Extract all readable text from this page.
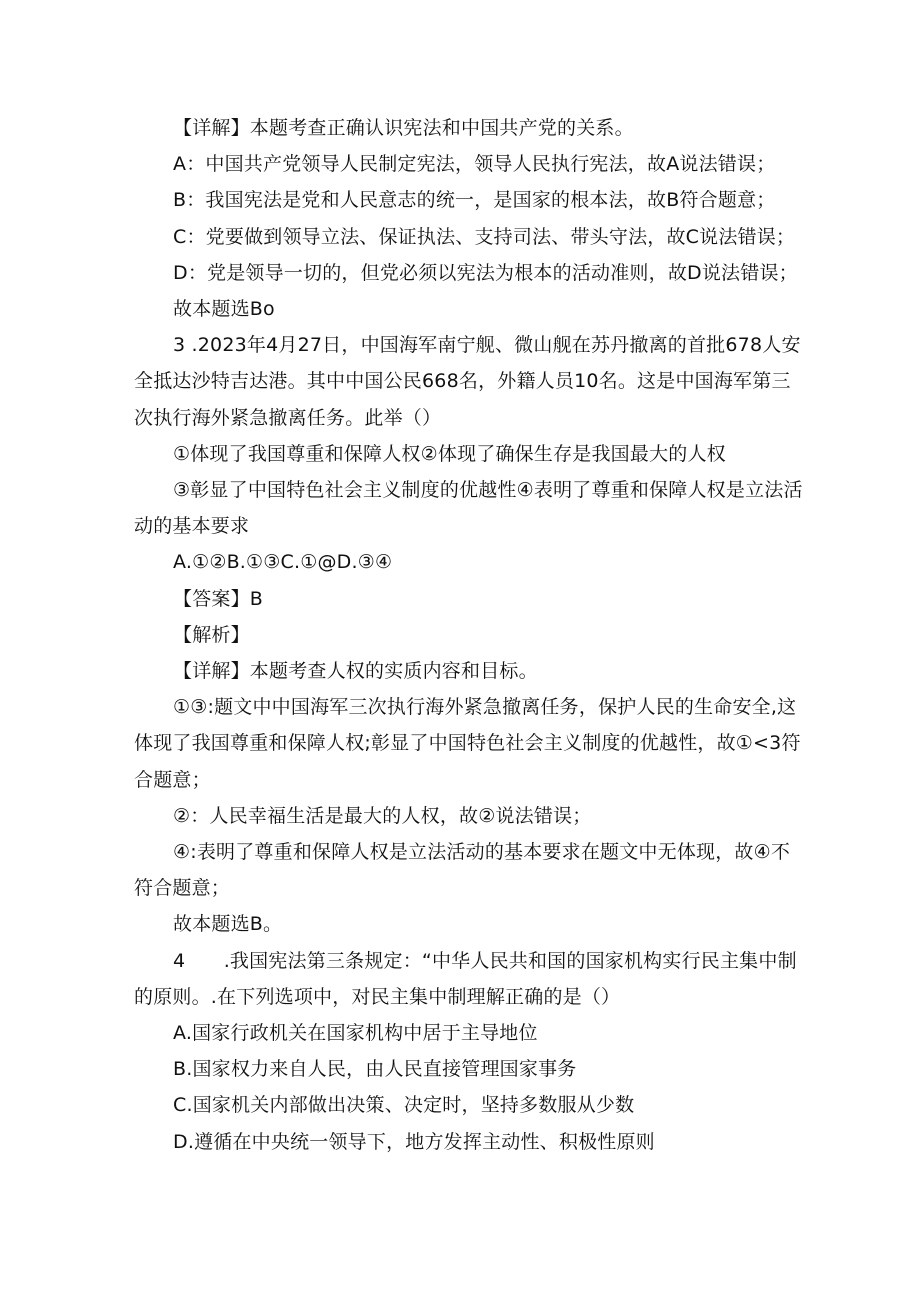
【详解】本题考查正确认识宪法和中国共产党的关系。

A：中国共产党领导人民制定宪法，领导人民执行宪法，故A说法错误；

B：我国宪法是党和人民意志的统一，是国家的根本法，故B符合题意；

C：党要做到领导立法、保证执法、支持司法、带头守法，故C说法错误；

D：党是领导一切的，但党必须以宪法为根本的活动准则，故D说法错误；

故本题选Bo

3 .2023年4月27日，中国海军南宁舰、微山舰在苏丹撤离的首批678人安全抵达沙特吉达港。其中中国公民668名，外籍人员10名。这是中国海军第三次执行海外紧急撤离任务。此举（）

①体现了我国尊重和保障人权②体现了确保生存是我国最大的人权

③彰显了中国特色社会主义制度的优越性④表明了尊重和保障人权是立法活动的基本要求

A.①②B.①③C.①@D.③④

【答案】B

【解析】

【详解】本题考查人权的实质内容和目标。

①③:题文中中国海军三次执行海外紧急撤离任务，保护人民的生命安全,这体现了我国尊重和保障人权;彰显了中国特色社会主义制度的优越性，故①<3符合题意；

②：人民幸福生活是最大的人权，故②说法错误；

④:表明了尊重和保障人权是立法活动的基本要求在题文中无体现，故④不符合题意；

故本题选B。

4　　.我国宪法第三条规定：“中华人民共和国的国家机构实行民主集中制的原则。.在下列选项中，对民主集中制理解正确的是（）

A.国家行政机关在国家机构中居于主导地位

B.国家权力来自人民，由人民直接管理国家事务

C.国家机关内部做出决策、决定时，坚持多数服从少数

D.遵循在中央统一领导下，地方发挥主动性、积极性原则
